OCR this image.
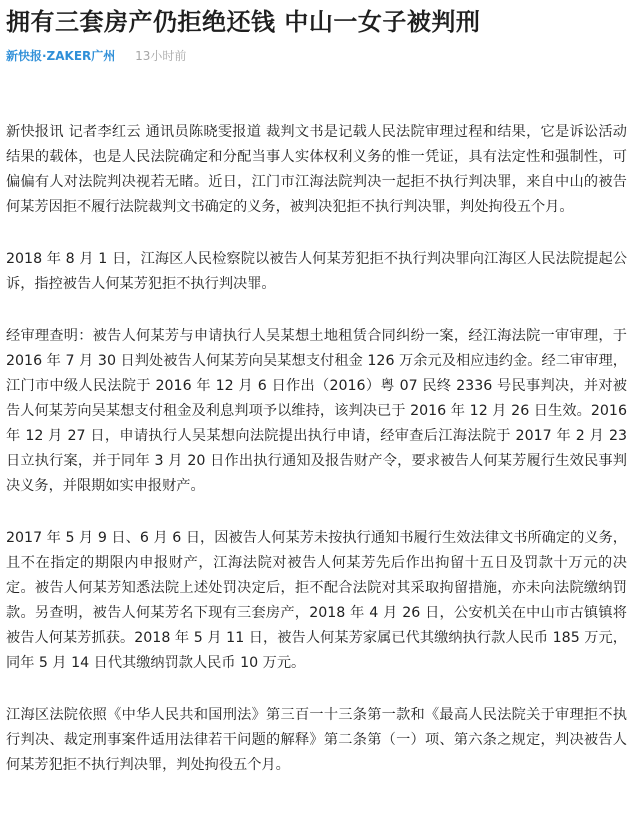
拥有三套房产仍拒绝还钱 中山一女子被判刑
新快报·ZAKER广州 13小时前

新快报讯 记者李红云 通讯员陈晓雯报道 裁判文书是记载人民法院审理过程和结果，它是诉讼活动结果的载体，也是人民法院确定和分配当事人实体权利义务的惟一凭证，具有法定性和强制性，可偏偏有人对法院判决视若无睹。近日，江门市江海法院判决一起拒不执行判决罪，来自中山的被告何某芳因拒不履行法院裁判文书确定的义务，被判决犯拒不执行判决罪，判处拘役五个月。

2018 年 8 月 1 日，江海区人民检察院以被告人何某芳犯拒不执行判决罪向江海区人民法院提起公诉，指控被告人何某芳犯拒不执行判决罪。

经审理查明：被告人何某芳与申请执行人吴某想土地租赁合同纠纷一案，经江海法院一审审理，于 2016 年 7 月 30 日判处被告人何某芳向吴某想支付租金 126 万余元及相应违约金。经二审审理，江门市中级人民法院于 2016 年 12 月 6 日作出（2016）粤 07 民终 2336 号民事判决，并对被告人何某芳向吴某想支付租金及利息判项予以维持，该判决已于 2016 年 12 月 26 日生效。2016 年 12 月 27 日，申请执行人吴某想向法院提出执行申请，经审查后江海法院于 2017 年 2 月 23 日立执行案，并于同年 3 月 20 日作出执行通知及报告财产令，要求被告人何某芳履行生效民事判决义务，并限期如实申报财产。

2017 年 5 月 9 日、6 月 6 日，因被告人何某芳未按执行通知书履行生效法律文书所确定的义务，且不在指定的期限内申报财产，江海法院对被告人何某芳先后作出拘留十五日及罚款十万元的决定。被告人何某芳知悉法院上述处罚决定后，拒不配合法院对其采取拘留措施，亦未向法院缴纳罚款。另查明，被告人何某芳名下现有三套房产，2018 年 4 月 26 日，公安机关在中山市古镇镇将被告人何某芳抓获。2018 年 5 月 11 日，被告人何某芳家属已代其缴纳执行款人民币 185 万元，同年 5 月 14 日代其缴纳罚款人民币 10 万元。

江海区法院依照《中华人民共和国刑法》第三百一十三条第一款和《最高人民法院关于审理拒不执行判决、裁定刑事案件适用法律若干问题的解释》第二条第（一）项、第六条之规定，判决被告人何某芳犯拒不执行判决罪，判处拘役五个月。
